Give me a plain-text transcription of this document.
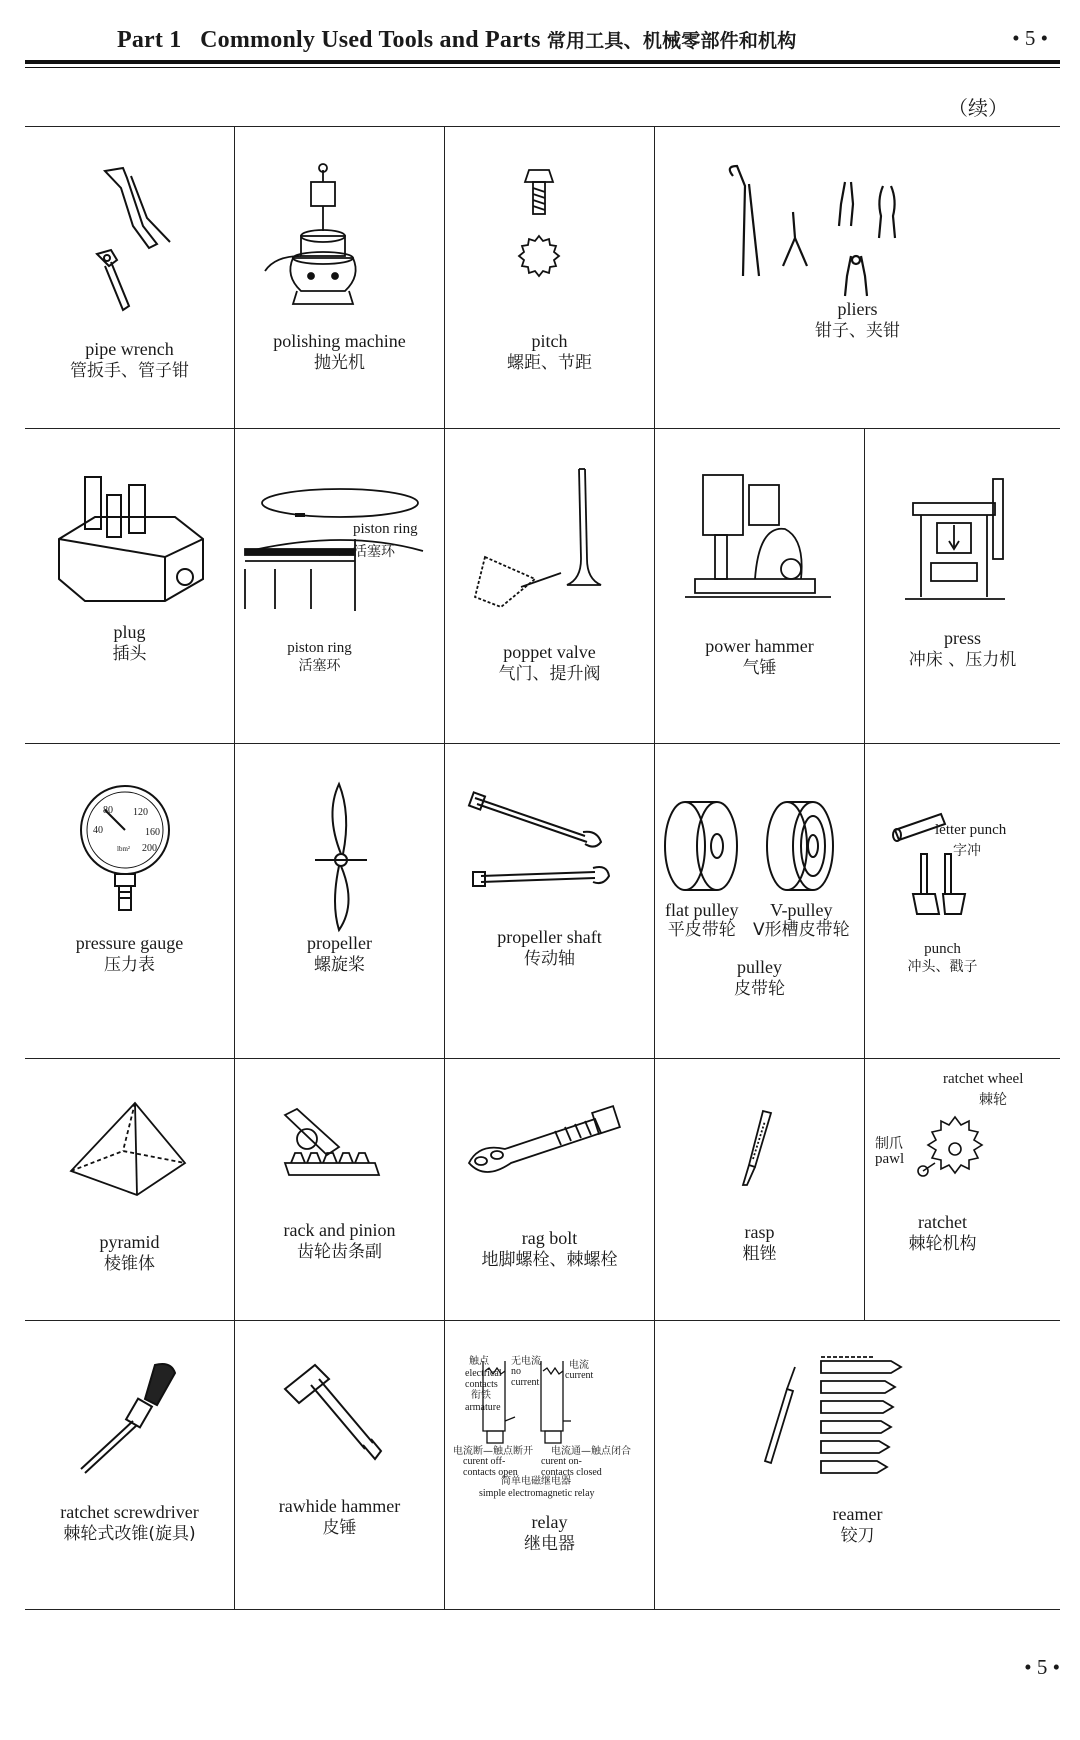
Part 1 Commonly Used Tools and Parts 常用工具、机械零部件和机构	• 5 •
（续）
pipe wrench
管扳手、管子钳
polishing machine
抛光机
pitch
螺距、节距
pliers
钳子、夹钳
plug
插头
piston ring
活塞环
piston ring
活塞环
poppet valve
气门、提升阀
power hammer
气锤
press
冲床 、压力机
80 120
40	160
200
lbm²
pressure gauge
压力表
propeller
螺旋桨
propeller shaft
传动轴
flat pulley
平皮带轮
V-pulley
V形槽皮带轮
pulley
皮带轮
letter punch
字冲
punch
冲头、戳子
pyramid
棱锥体
rack and pinion
齿轮齿条副
rag bolt
地脚螺栓、棘螺栓
rasp
粗锉
ratchet wheel
棘轮
制爪
pawl
ratchet
棘轮机构
ratchet screwdriver
棘轮式改锥(旋具)
rawhide hammer
皮锤
触点
electrical contacts
衔铁
armature
无电流
no current
电流
current
电流断—触点断开
curent off-contacts open
电流通—触点闭合
curent on-contacts closed
简单电磁继电器
simple electromagnetic relay
relay
继电器
reamer
铰刀
• 5 •
